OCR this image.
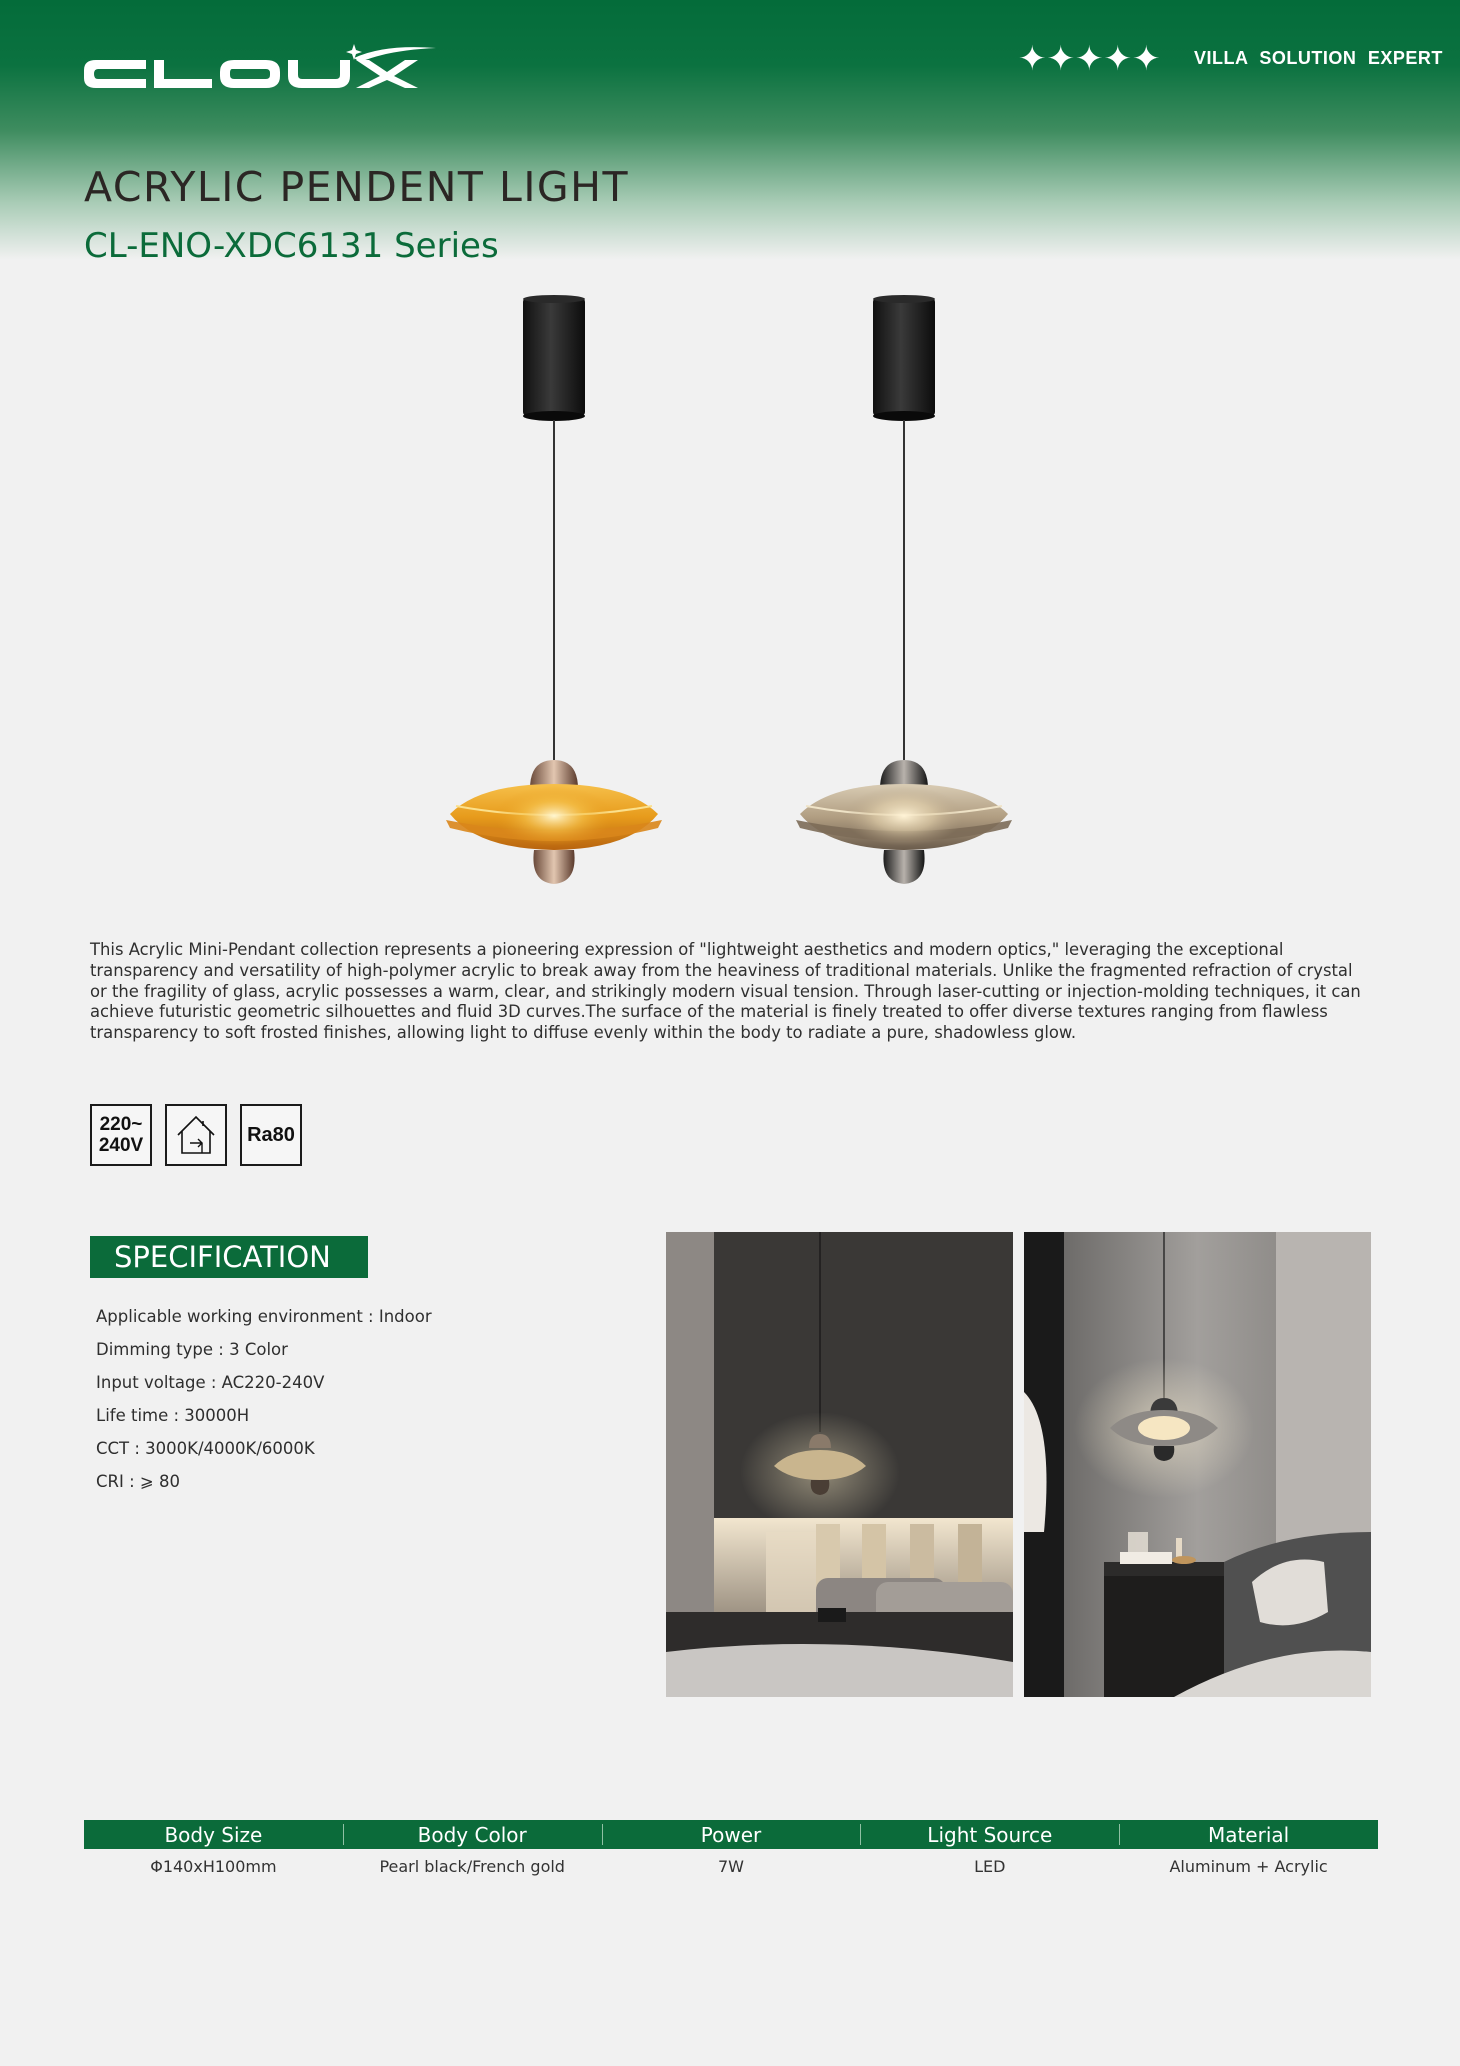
✦ ✦ ✦ ✦ ✦ VILLA SOLUTION EXPERT
ACRYLIC PENDENT LIGHT
CL-ENO-XDC6131 Series

This Acrylic Mini-Pendant collection represents a pioneering expression of "lightweight aesthetics and modern optics," leveraging the exceptional transparency and versatility of high-polymer acrylic to break away from the heaviness of traditional materials. Unlike the fragmented refraction of crystal or the fragility of glass, acrylic possesses a warm, clear, and strikingly modern visual tension. Through laser-cutting or injection-molding techniques, it can achieve futuristic geometric silhouettes and fluid 3D curves.The surface of the material is finely treated to offer diverse textures ranging from flawless transparency to soft frosted finishes, allowing light to diffuse evenly within the body to radiate a pure, shadowless glow.

220~
240V	Ra80
SPECIFICATION
Applicable working environment : Indoor
Dimming type : 3 Color
Input voltage : AC220-240V
Life time : 30000H
CCT : 3000K/4000K/6000K
CRI : ⩾ 80
Body Size	Body Color	Power	Light Source	Material
Φ140xH100mm	Pearl black/French gold	7W	LED	Aluminum + Acrylic
